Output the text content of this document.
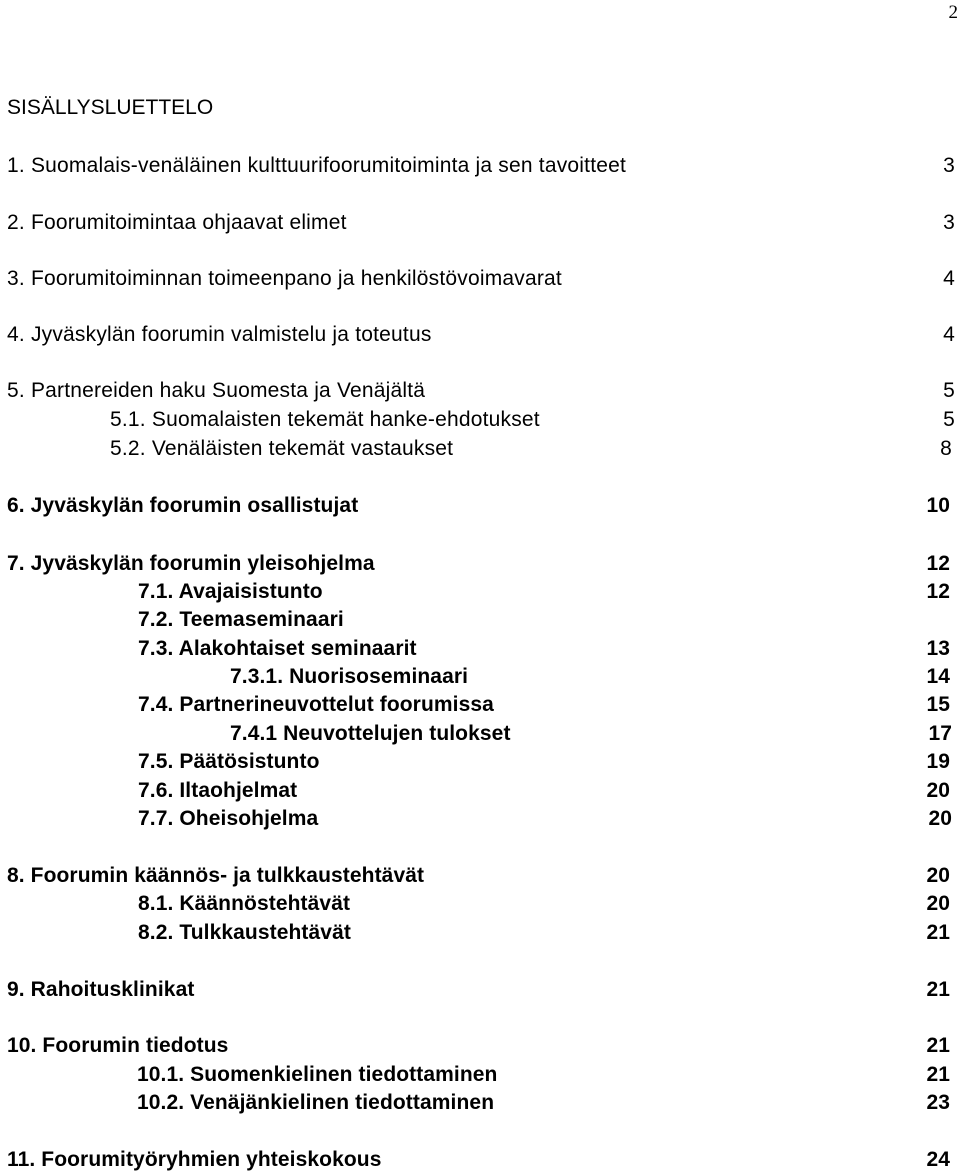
2
SISÄLLYSLUETTELO
1. Suomalais-venäläinen kulttuurifoorumitoiminta ja sen tavoitteet	3
2. Foorumitoimintaa ohjaavat elimet	3
3. Foorumitoiminnan toimeenpano ja henkilöstövoimavarat	4
4. Jyväskylän foorumin valmistelu ja toteutus	4
5. Partnereiden haku Suomesta ja Venäjältä	5
5.1. Suomalaisten tekemät hanke-ehdotukset	5
5.2. Venäläisten tekemät vastaukset	8
6. Jyväskylän foorumin osallistujat	10
7. Jyväskylän foorumin yleisohjelma	12
7.1. Avajaisistunto	12
7.2. Teemaseminaari
7.3. Alakohtaiset seminaarit	13
7.3.1. Nuorisoseminaari	14
7.4. Partnerineuvottelut foorumissa	15
7.4.1 Neuvottelujen tulokset	17
7.5. Päätösistunto	19
7.6. Iltaohjelmat	20
7.7. Oheisohjelma	20
8. Foorumin käännös- ja tulkkaustehtävät	20
8.1. Käännöstehtävät	20
8.2. Tulkkaustehtävät	21
9. Rahoitusklinikat	21
10. Foorumin tiedotus	21
10.1. Suomenkielinen tiedottaminen	21
10.2. Venäjänkielinen tiedottaminen	23
11. Foorumityöryhmien yhteiskokous	24
